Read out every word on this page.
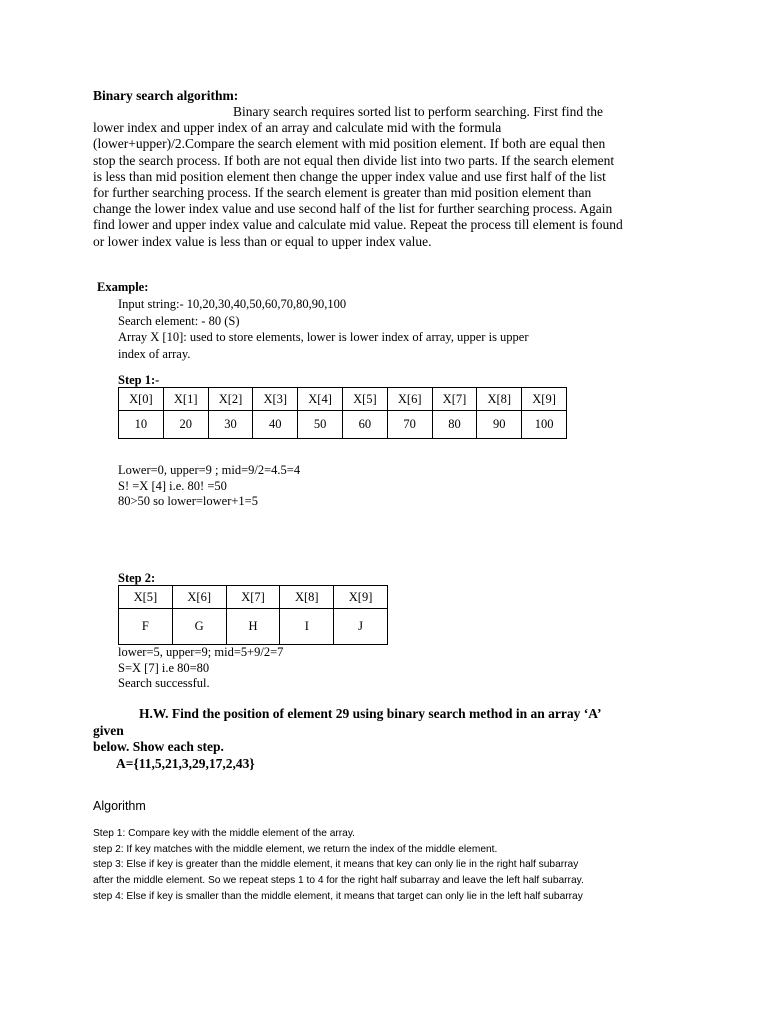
Binary search algorithm:
Binary search requires sorted list to perform searching. First find the
lower index and upper index of an array and calculate mid with the formula
(lower+upper)/2.Compare the search element with mid position element. If both are equal then
stop the search process. If both are not equal then divide list into two parts. If the search element
is less than mid position element then change the upper index value and use first half of the list
for further searching process. If the search element is greater than mid position element than
change the lower index value and use second half of the list for further searching process. Again
find lower and upper index value and calculate mid value. Repeat the process till element is found
or lower index value is less than or equal to upper index value.
Example:
Input string:- 10,20,30,40,50,60,70,80,90,100
Search element: - 80 (S)
Array X [10]: used to store elements, lower is lower index of array, upper is upper
index of array.
Step 1:-
X[0]	X[1]	X[2]	X[3]	X[4]	X[5]	X[6]	X[7]	X[8]	X[9]
10	20	30	40	50	60	70	80	90	100
Lower=0, upper=9 ; mid=9/2=4.5=4
S! =X [4] i.e. 80! =50
80>50 so lower=lower+1=5
Step 2:
X[5]	X[6]	X[7]	X[8]	X[9]
F	G	H	I	J
lower=5, upper=9; mid=5+9/2=7
S=X [7] i.e 80=80
Search successful.
H.W. Find the position of element 29 using binary search method in an array ‘A’
given
below. Show each step.
A={11,5,21,3,29,17,2,43}
Algorithm
Step 1: Compare key with the middle element of the array.
step 2: If key matches with the middle element, we return the index of the middle element.
step 3: Else if key is greater than the middle element, it means that key can only lie in the right half subarray
after the middle element. So we repeat steps 1 to 4 for the right half subarray and leave the left half subarray.
step 4: Else if key is smaller than the middle element, it means that target can only lie in the left half subarray
